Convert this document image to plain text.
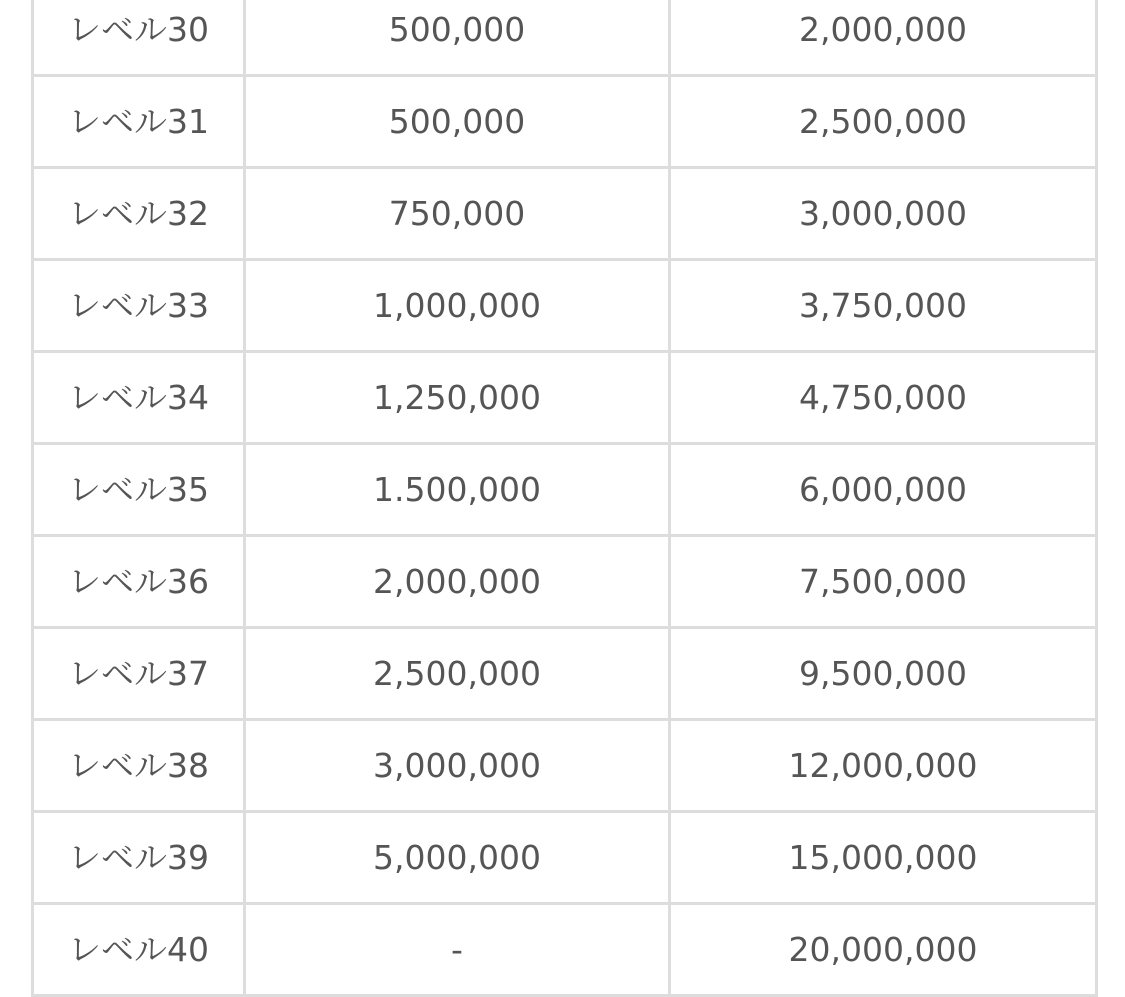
レベル30	500,000	2,000,000
レベル31	500,000	2,500,000
レベル32	750,000	3,000,000
レベル33	1,000,000	3,750,000
レベル34	1,250,000	4,750,000
レベル35	1.500,000	6,000,000
レベル36	2,000,000	7,500,000
レベル37	2,500,000	9,500,000
レベル38	3,000,000	12,000,000
レベル39	5,000,000	15,000,000
レベル40	-	20,000,000
